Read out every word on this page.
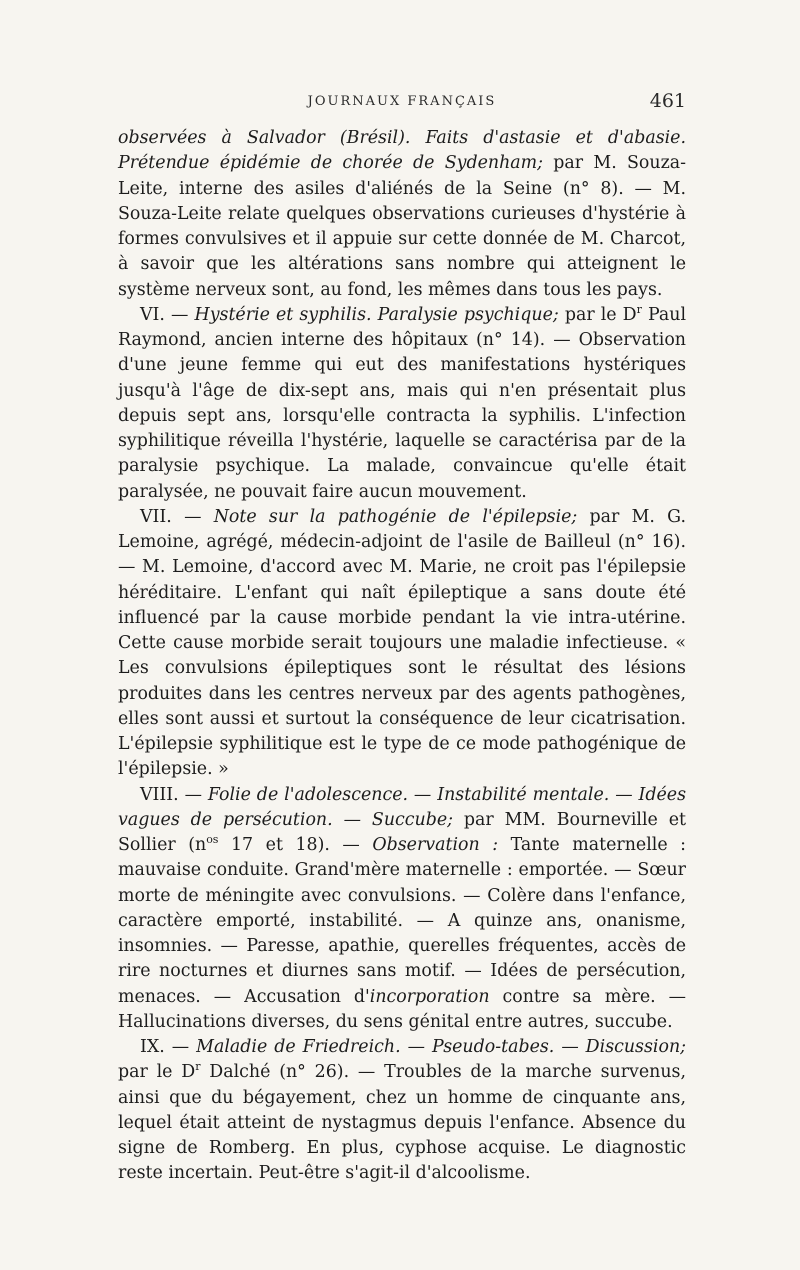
JOURNAUX FRANÇAIS	461

observées à Salvador (Brésil). Faits d'astasie et d'abasie. Prétendue épidémie de chorée de Sydenham; par M. Souza-Leite, interne des asiles d'aliénés de la Seine (n° 8). — M. Souza-Leite relate quelques observations curieuses d'hystérie à formes convulsives et il appuie sur cette donnée de M. Charcot, à savoir que les altérations sans nombre qui atteignent le système nerveux sont, au fond, les mêmes dans tous les pays.

VI. — Hystérie et syphilis. Paralysie psychique; par le $D^r$ Paul Raymond, ancien interne des hôpitaux (n° 14). — Observation d'une jeune femme qui eut des manifestations hystériques jusqu'à l'âge de dix-sept ans, mais qui n'en présentait plus depuis sept ans, lorsqu'elle contracta la syphilis. L'infection syphilitique réveilla l'hystérie, laquelle se caractérisa par de la paralysie psychique. La malade, convaincue qu'elle était paralysée, ne pouvait faire aucun mouvement.

VII. — Note sur la pathogénie de l'épilepsie; par M. G. Lemoine, agrégé, médecin-adjoint de l'asile de Bailleul (n° 16). — M. Lemoine, d'accord avec M. Marie, ne croit pas l'épilepsie héréditaire. L'enfant qui naît épileptique a sans doute été influencé par la cause morbide pendant la vie intra-utérine. Cette cause morbide serait toujours une maladie infectieuse. « Les convulsions épileptiques sont le résultat des lésions produites dans les centres nerveux par des agents pathogènes, elles sont aussi et surtout la conséquence de leur cicatrisation. L'épilepsie syphilitique est le type de ce mode pathogénique de l'épilepsie. »

VIII. — Folie de l'adolescence. — Instabilité mentale. — Idées vagues de persécution. — Succube; par MM. Bourneville et Sollier ($n^{os}$ 17 et 18). — Observation : Tante maternelle : mauvaise conduite. Grand'mère maternelle : emportée. — Sœur morte de méningite avec convulsions. — Colère dans l'enfance, caractère emporté, instabilité. — A quinze ans, onanisme, insomnies. — Paresse, apathie, querelles fréquentes, accès de rire nocturnes et diurnes sans motif. — Idées de persécution, menaces. — Accusation d'incorporation contre sa mère. — Hallucinations diverses, du sens génital entre autres, succube.

IX. — Maladie de Friedreich. — Pseudo-tabes. — Discussion; par le $D^r$ Dalché (n° 26). — Troubles de la marche survenus, ainsi que du bégayement, chez un homme de cinquante ans, lequel était atteint de nystagmus depuis l'enfance. Absence du signe de Romberg. En plus, cyphose acquise. Le diagnostic reste incertain. Peut-être s'agit-il d'alcoolisme.
